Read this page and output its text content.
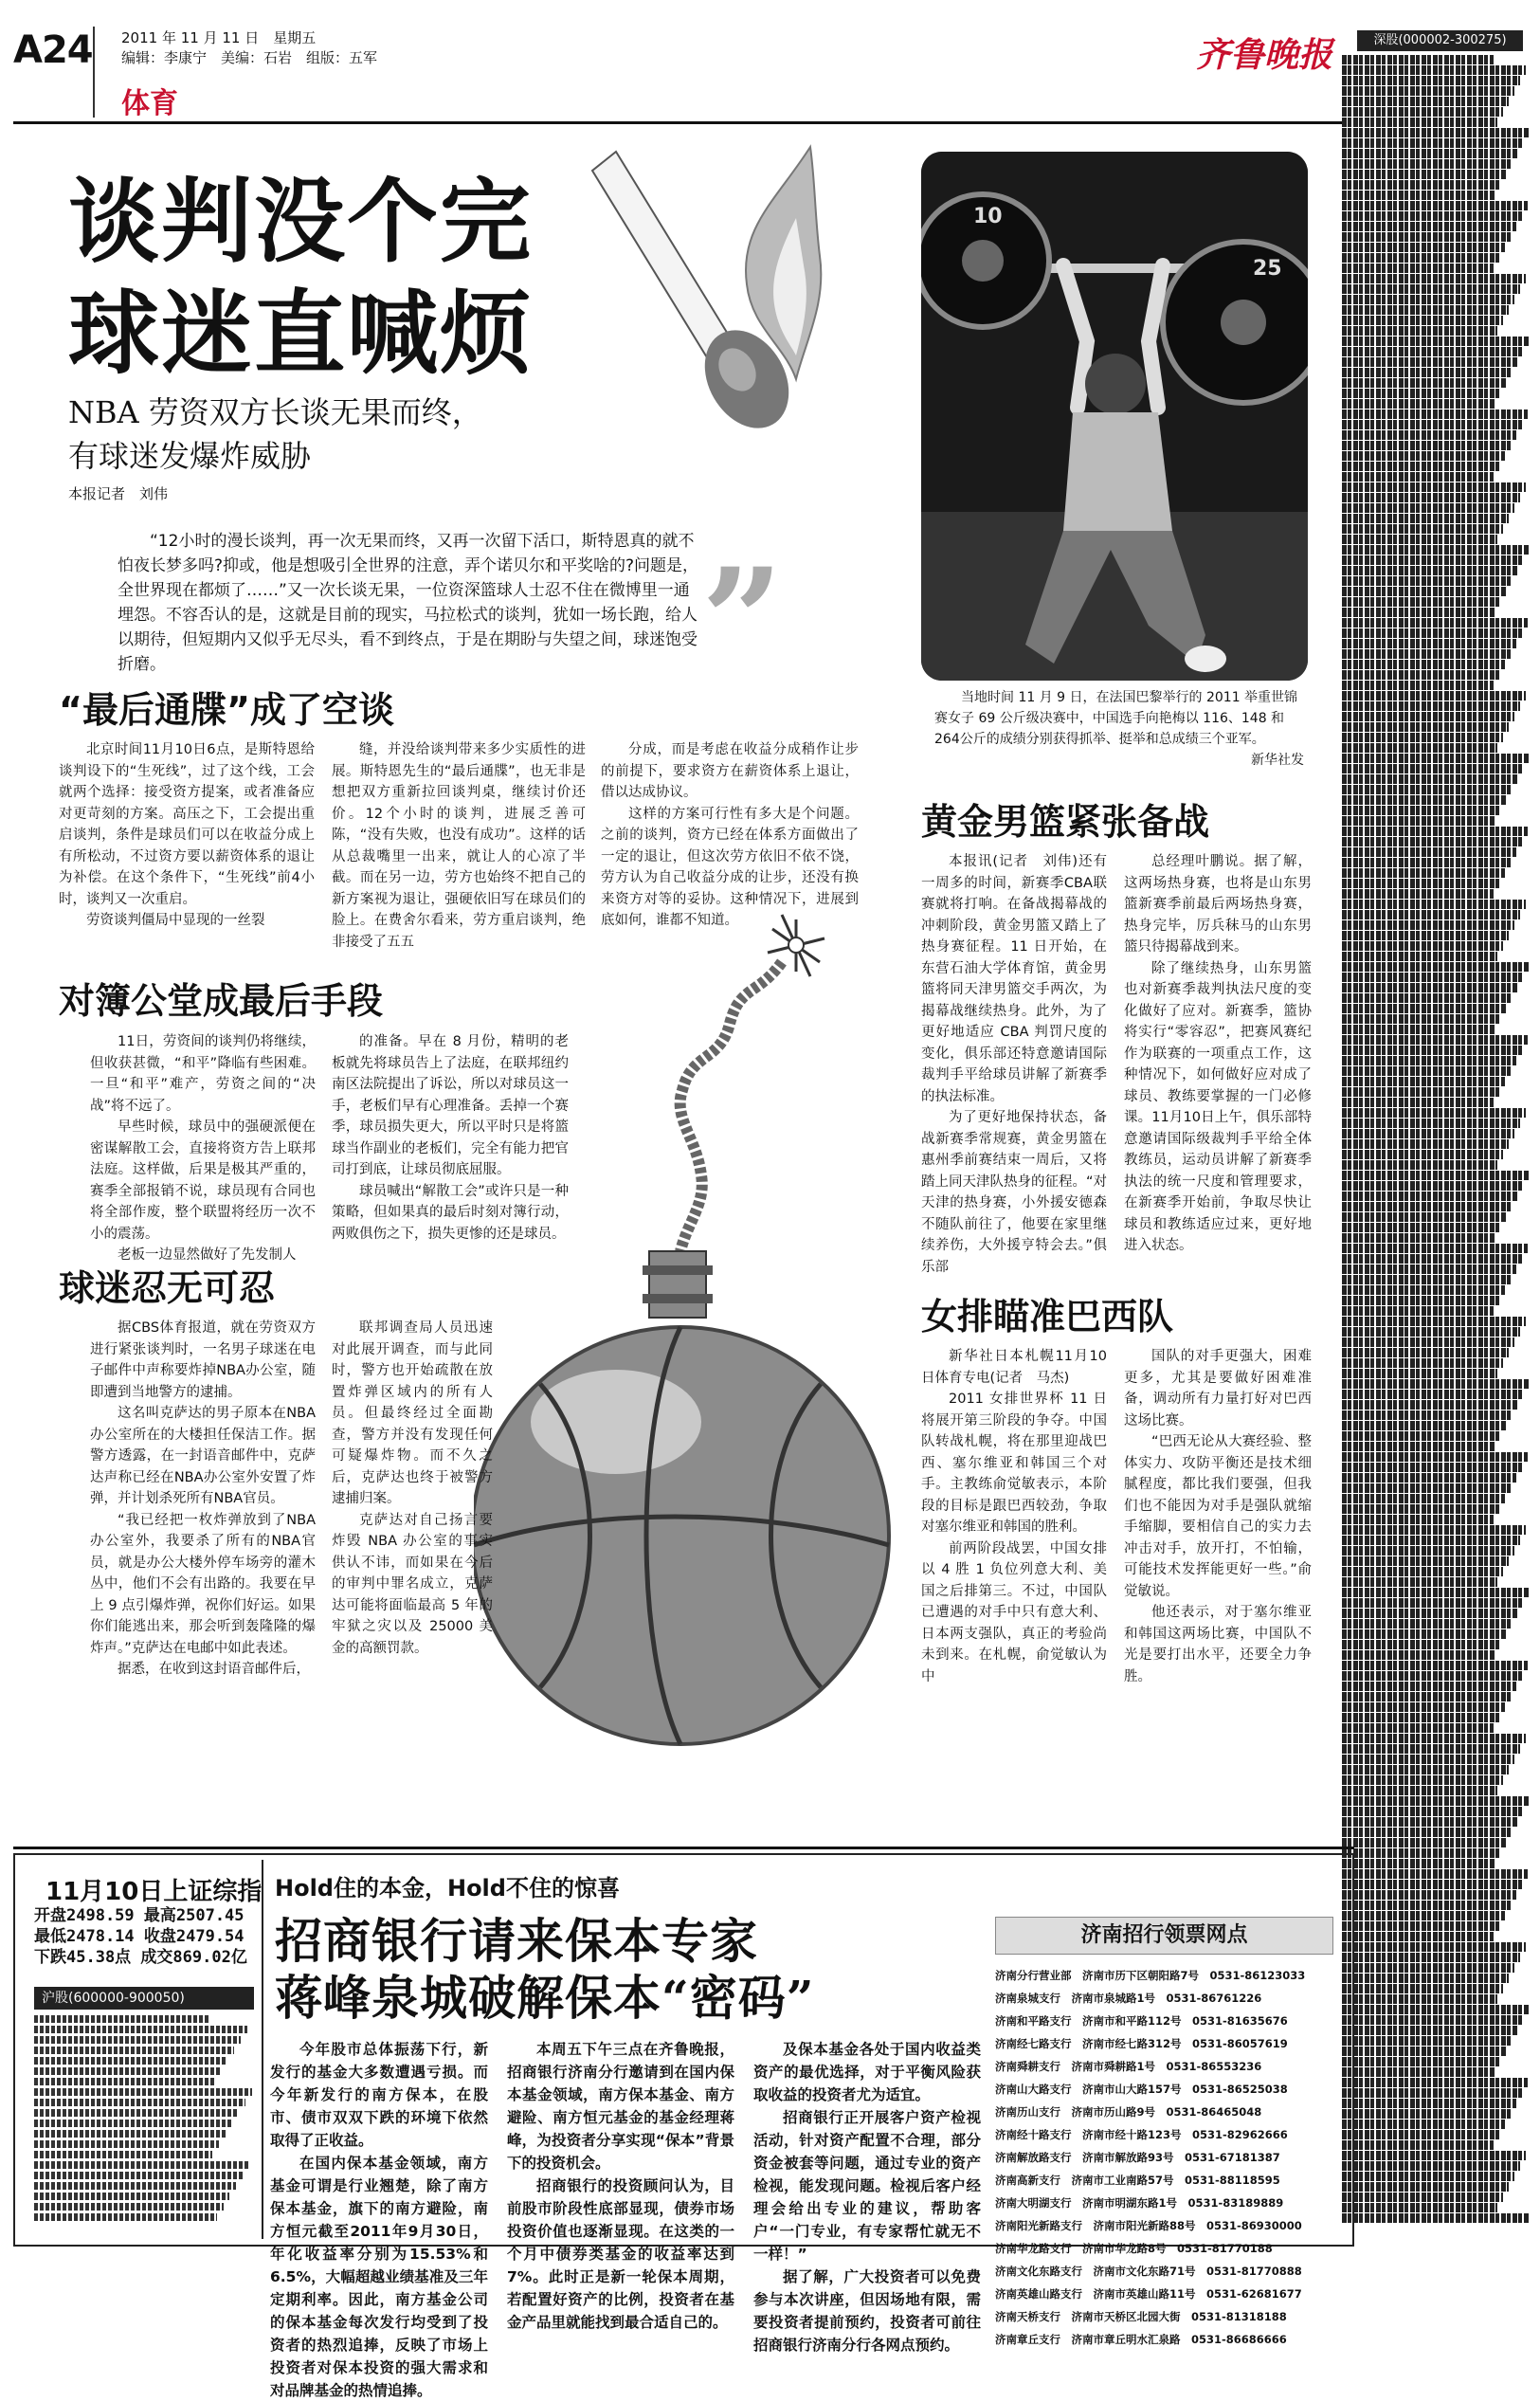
A24 2011 年 11 月 11 日　星期五
编辑：李康宁　美编：石岩　组版：五军
体育
齐鲁晚报
谈判没个完
球迷直喊烦
NBA 劳资双方长谈无果而终，
有球迷发爆炸威胁
本报记者　刘伟
“12小时的漫长谈判，再一次无果而终，又再一次留下活口，斯特恩真的就不怕夜长梦多吗?抑或，他是想吸引全世界的注意，弄个诺贝尔和平奖啥的?问题是，全世界现在都烦了……”又一次长谈无果，一位资深篮球人士忍不住在微博里一通埋怨。不容否认的是，这就是目前的现实，马拉松式的谈判，犹如一场长跑，给人以期待，但短期内又似乎无尽头，看不到终点，于是在期盼与失望之间，球迷饱受折磨。	”
“最后通牒”成了空谈

北京时间11月10日6点，是斯特恩给谈判设下的“生死线”，过了这个线，工会就两个选择：接受资方提案，或者准备应对更苛刻的方案。高压之下，工会提出重启谈判，条件是球员们可以在收益分成上有所松动，不过资方要以薪资体系的退让为补偿。在这个条件下，“生死线”前4小时，谈判又一次重启。

劳资谈判僵局中显现的一丝裂

缝，并没给谈判带来多少实质性的进展。斯特恩先生的“最后通牒”，也无非是想把双方重新拉回谈判桌，继续讨价还价。12个小时的谈判，进展乏善可陈，“没有失败，也没有成功”。这样的话从总裁嘴里一出来，就让人的心凉了半截。而在另一边，劳方也始终不把自己的新方案视为退让，强硬依旧写在球员们的脸上。在费舍尔看来，劳方重启谈判，绝非接受了五五

分成，而是考虑在收益分成稍作让步的前提下，要求资方在薪资体系上退让，借以达成协议。

这样的方案可行性有多大是个问题。之前的谈判，资方已经在体系方面做出了一定的退让，但这次劳方依旧不依不饶，劳方认为自己收益分成的让步，还没有换来资方对等的妥协。这种情况下，进展到底如何，谁都不知道。

对簿公堂成最后手段

11日，劳资间的谈判仍将继续，但收获甚微，“和平”降临有些困难。一旦“和平”难产，劳资之间的“决战”将不远了。

早些时候，球员中的强硬派便在密谋解散工会，直接将资方告上联邦法庭。这样做，后果是极其严重的，赛季全部报销不说，球员现有合同也将全部作废，整个联盟将经历一次不小的震荡。

老板一边显然做好了先发制人

的准备。早在 8 月份，精明的老板就先将球员告上了法庭，在联邦纽约南区法院提出了诉讼，所以对球员这一手，老板们早有心理准备。丢掉一个赛季，球员损失更大，所以平时只是将篮球当作副业的老板们，完全有能力把官司打到底，让球员彻底屈服。

球员喊出“解散工会”或许只是一种策略，但如果真的最后时刻对簿行动，两败俱伤之下，损失更惨的还是球员。

球迷忍无可忍

据CBS体育报道，就在劳资双方进行紧张谈判时，一名男子球迷在电子邮件中声称要炸掉NBA办公室，随即遭到当地警方的逮捕。

这名叫克萨达的男子原本在NBA办公室所在的大楼担任保洁工作。据警方透露，在一封语音邮件中，克萨达声称已经在NBA办公室外安置了炸弹，并计划杀死所有NBA官员。

“我已经把一枚炸弹放到了NBA办公室外，我要杀了所有的NBA官员，就是办公大楼外停车场旁的灌木丛中，他们不会有出路的。我要在早上 9 点引爆炸弹，祝你们好运。如果你们能逃出来，那会听到轰隆隆的爆炸声。”克萨达在电邮中如此表述。

据悉，在收到这封语音邮件后，

联邦调查局人员迅速对此展开调查，而与此同时，警方也开始疏散在放置炸弹区域内的所有人员。但最终经过全面勘查，警方并没有发现任何可疑爆炸物。而不久之后，克萨达也终于被警方逮捕归案。

克萨达对自己扬言要炸毁 NBA 办公室的事实供认不讳，而如果在今后的审判中罪名成立，克萨达可能将面临最高 5 年的牢狱之灾以及 25000 美金的高额罚款。

10
25
当地时间 11 月 9 日，在法国巴黎举行的 2011 举重世锦赛女子 69 公斤级决赛中，中国选手向艳梅以 116、148 和264公斤的成绩分别获得抓举、挺举和总成绩三个亚军。
新华社发
黄金男篮紧张备战

本报讯(记者　刘伟)还有一周多的时间，新赛季CBA联赛就将打响。在备战揭幕战的冲刺阶段，黄金男篮又踏上了热身赛征程。11 日开始，在东营石油大学体育馆，黄金男篮将同天津男篮交手两次，为揭幕战继续热身。此外，为了更好地适应 CBA 判罚尺度的变化，俱乐部还特意邀请国际裁判手平给球员讲解了新赛季的执法标准。

为了更好地保持状态，备战新赛季常规赛，黄金男篮在惠州季前赛结束一周后，又将踏上同天津队热身的征程。“对天津的热身赛，小外援安德森不随队前往了，他要在家里继续养伤，大外援亨特会去。”俱乐部

总经理叶鹏说。据了解，这两场热身赛，也将是山东男篮新赛季前最后两场热身赛，热身完毕，厉兵秣马的山东男篮只待揭幕战到来。

除了继续热身，山东男篮也对新赛季裁判执法尺度的变化做好了应对。新赛季，篮协将实行“零容忍”，把赛风赛纪作为联赛的一项重点工作，这种情况下，如何做好应对成了球员、教练要掌握的一门必修课。11月10日上午，俱乐部特意邀请国际级裁判手平给全体教练员，运动员讲解了新赛季执法的统一尺度和管理要求，在新赛季开始前，争取尽快让球员和教练适应过来，更好地进入状态。

女排瞄准巴西队

新华社日本札幌11月10日体育专电(记者　马杰)

2011 女排世界杯 11 日将展开第三阶段的争夺。中国队转战札幌，将在那里迎战巴西、塞尔维亚和韩国三个对手。主教练俞觉敏表示，本阶段的目标是跟巴西较劲，争取对塞尔维亚和韩国的胜利。

前两阶段战罢，中国女排以 4 胜 1 负位列意大利、美国之后排第三。不过，中国队已遭遇的对手中只有意大利、日本两支强队，真正的考验尚未到来。在札幌，俞觉敏认为中

国队的对手更强大，困难更多，尤其是要做好困难准备，调动所有力量打好对巴西这场比赛。

“巴西无论从大赛经验、整体实力、攻防平衡还是技术细腻程度，都比我们要强，但我们也不能因为对手是强队就缩手缩脚，要相信自己的实力去冲击对手，放开打，不怕输，可能技术发挥能更好一些。”俞觉敏说。

他还表示，对于塞尔维亚和韩国这两场比赛，中国队不光是要打出水平，还要全力争胜。

深股(000002-300275)
11月10日上证综指
开盘2498.59 最高2507.45
最低2478.14 收盘2479.54
下跌45.38点 成交869.02亿
沪股(600000-900050)
Hold住的本金，Hold不住的惊喜
招商银行请来保本专家
蒋峰泉城破解保本“密码”

今年股市总体振荡下行，新发行的基金大多数遭遇亏损。而今年新发行的南方保本，在股市、债市双双下跌的环境下依然取得了正收益。

在国内保本基金领域，南方基金可谓是行业翘楚，除了南方保本基金，旗下的南方避险，南方恒元截至2011年9月30日，年化收益率分别为15.53%和6.5%，大幅超越业绩基准及三年定期利率。因此，南方基金公司的保本基金每次发行均受到了投资者的热烈追捧，反映了市场上投资者对保本投资的强大需求和对品牌基金的热情追捧。

本周五下午三点在齐鲁晚报，招商银行济南分行邀请到在国内保本基金领域，南方保本基金、南方避险、南方恒元基金的基金经理蒋峰，为投资者分享实现“保本”背景下的投资机会。

招商银行的投资顾问认为，目前股市阶段性底部显现，债券市场投资价值也逐渐显现。在这类的一个月中债券类基金的收益率达到7%。此时正是新一轮保本周期，若配置好资产的比例，投资者在基金产品里就能找到最合适自己的。

及保本基金各处于国内收益类资产的最优选择，对于平衡风险获取收益的投资者尤为适宜。

招商银行正开展客户资产检视活动，针对资产配置不合理，部分资金被套等问题，通过专业的资产检视，能发现问题。检视后客户经理会给出专业的建议，帮助客户“一门专业，有专家帮忙就无不一样！”

据了解，广大投资者可以免费参与本次讲座，但因场地有限，需要投资者提前预约，投资者可前往招商银行济南分行各网点预约。

济南招行领票网点
济南分行营业部　济南市历下区朝阳路7号　0531-86123033
济南泉城支行　济南市泉城路1号　0531-86761226
济南和平路支行　济南市和平路112号　0531-81635676
济南经七路支行　济南市经七路312号　0531-86057619
济南舜耕支行　济南市舜耕路1号　0531-86553236
济南山大路支行　济南市山大路157号　0531-86525038
济南历山支行　济南市历山路9号　0531-86465048
济南经十路支行　济南市经十路123号　0531-82962666
济南解放路支行　济南市解放路93号　0531-67181387
济南高新支行　济南市工业南路57号　0531-88118595
济南大明湖支行　济南市明湖东路1号　0531-83189889
济南阳光新路支行　济南市阳光新路88号　0531-86930000
济南华龙路支行　济南市华龙路8号　0531-81770188
济南文化东路支行　济南市文化东路71号　0531-81770888
济南英雄山路支行　济南市英雄山路11号　0531-62681677
济南天桥支行　济南市天桥区北园大街　0531-81318188
济南章丘支行　济南市章丘明水汇泉路　0531-86686666
